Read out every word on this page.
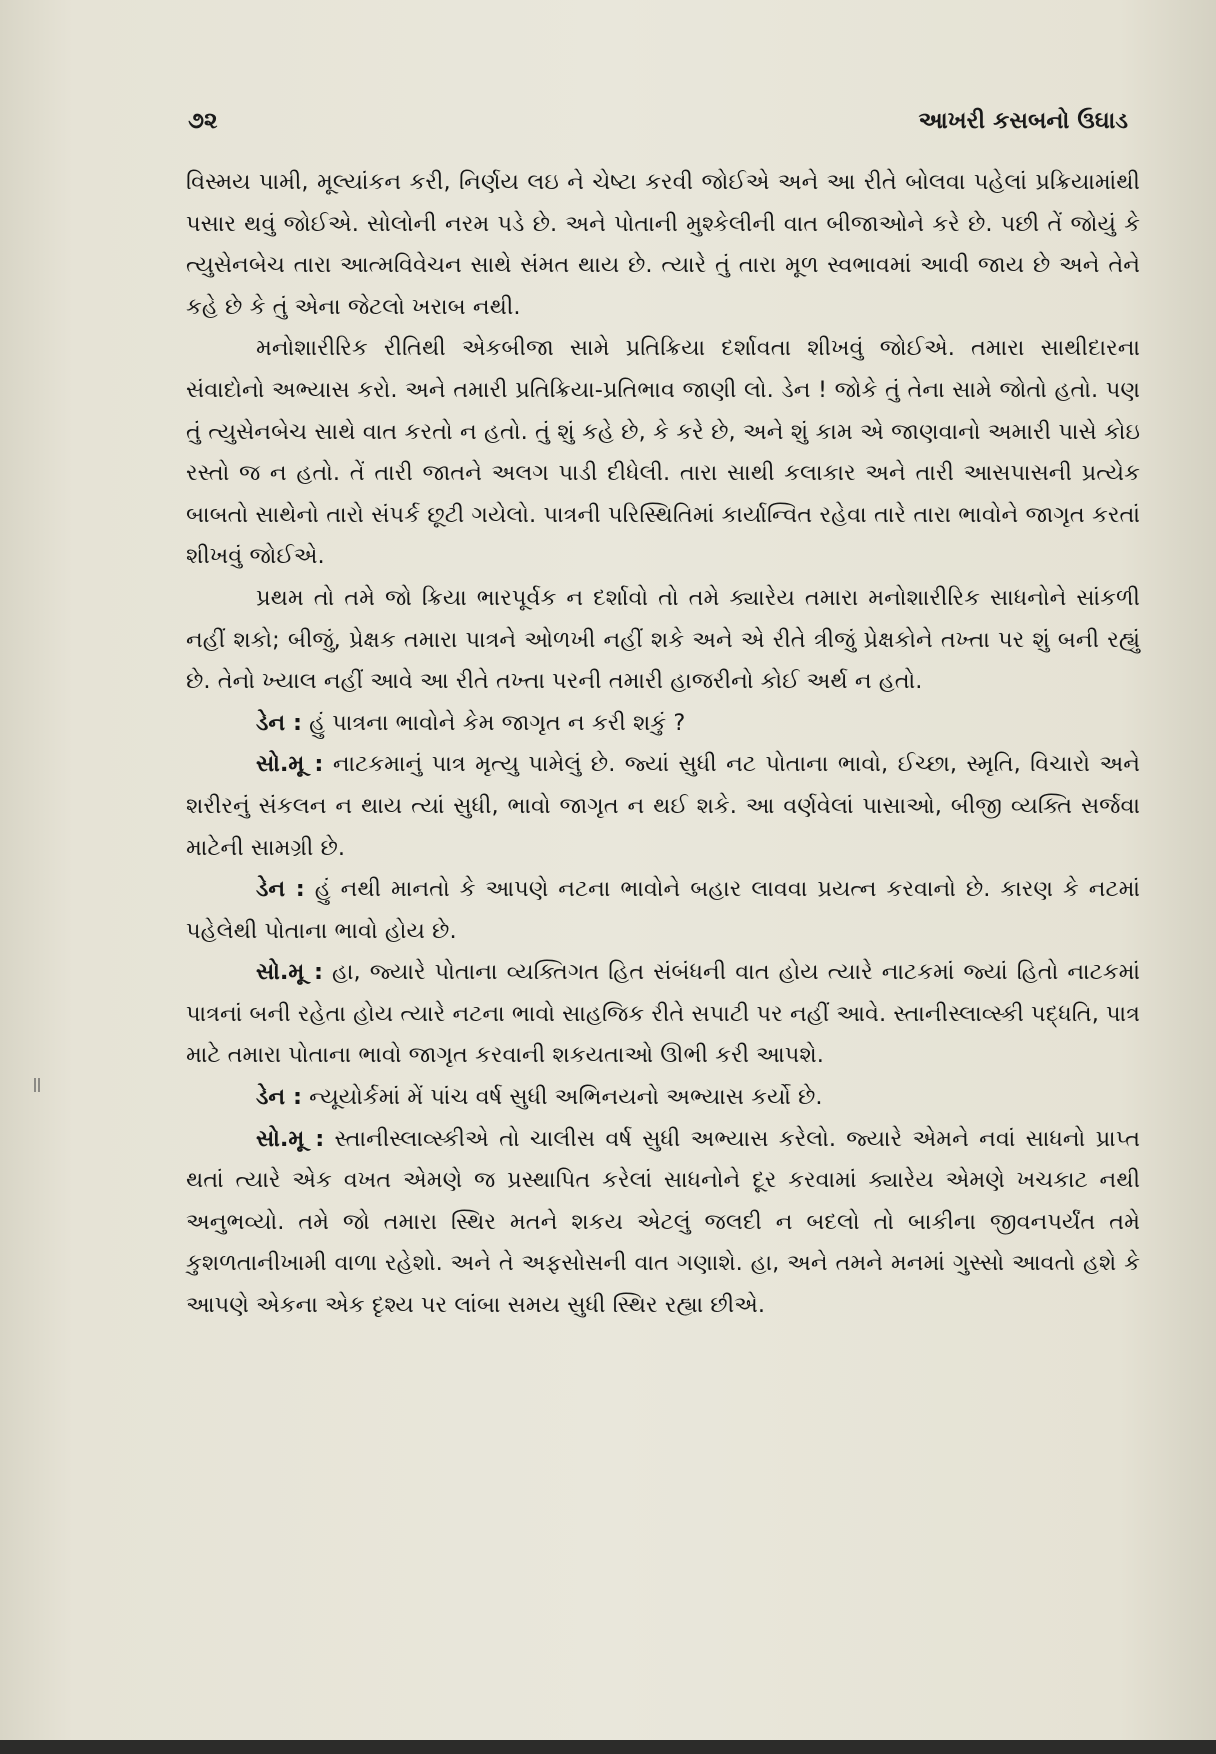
૭૨	આખરી કસબનો ઉઘાડ

વિસ્મય પામી, મૂલ્યાંકન કરી, નિર્ણય લઇ ને ચેષ્ટા કરવી જોઈએ અને આ રીતે બોલવા પહેલાં પ્રક્રિયામાંથી પસાર થવું જોઈએ. સોલોની નરમ પડે છે. અને પોતાની મુશ્કેલીની વાત બીજાઓને કરે છે. પછી તેં જોયું કે ત્યુસેનબેચ તારા આત્મવિવેચન સાથે સંમત થાય છે. ત્યારે તું તારા મૂળ સ્વભાવમાં આવી જાય છે અને તેને કહે છે કે તું એના જેટલો ખરાબ નથી.

મનોશારીરિક રીતિથી એકબીજા સામે પ્રતિક્રિયા દર્શાવતા શીખવું જોઈએ. તમારા સાથીદારના સંવાદોનો અભ્યાસ કરો. અને તમારી પ્રતિક્રિયા-પ્રતિભાવ જાણી લો. ડેન ! જોકે તું તેના સામે જોતો હતો. પણ તું ત્યુસેનબેચ સાથે વાત કરતો ન હતો. તું શું કહે છે, કે કરે છે, અને શું કામ એ જાણવાનો અમારી પાસે કોઇ રસ્તો જ ન હતો. તેં તારી જાતને અલગ પાડી દીધેલી. તારા સાથી કલાકાર અને તારી આસપાસની પ્રત્યેક બાબતો સાથેનો તારો સંપર્ક છૂટી ગયેલો. પાત્રની પરિસ્થિતિમાં કાર્યાન્વિત રહેવા તારે તારા ભાવોને જાગૃત કરતાં શીખવું જોઈએ.

પ્રથમ તો તમે જો ક્રિયા ભારપૂર્વક ન દર્શાવો તો તમે ક્યારેય તમારા મનોશારીરિક સાધનોને સાંકળી નહીં શકો; બીજું, પ્રેક્ષક તમારા પાત્રને ઓળખી નહીં શકે અને એ રીતે ત્રીજું પ્રેક્ષકોને તખ્તા પર શું બની રહ્યું છે. તેનો ખ્યાલ નહીં આવે આ રીતે તખ્તા પરની તમારી હાજરીનો કોઈ અર્થ ન હતો.

ડેન : હું પાત્રના ભાવોને કેમ જાગૃત ન કરી શકું ?

સો.મૂ : નાટકમાનું પાત્ર મૃત્યુ પામેલું છે. જ્યાં સુધી નટ પોતાના ભાવો, ઈચ્છા, સ્મૃતિ, વિચારો અને શરીરનું સંકલન ન થાય ત્યાં સુધી, ભાવો જાગૃત ન થઈ શકે. આ વર્ણવેલાં પાસાઓ, બીજી વ્યક્તિ સર્જવા માટેની સામગ્રી છે.

ડેન : હું નથી માનતો કે આપણે નટના ભાવોને બહાર લાવવા પ્રયત્ન કરવાનો છે. કારણ કે નટમાં પહેલેથી પોતાના ભાવો હોય છે.

સો.મૂ : હા, જ્યારે પોતાના વ્યક્તિગત હિત સંબંધની વાત હોય ત્યારે નાટકમાં જ્યાં હિતો નાટકમાં પાત્રનાં બની રહેતા હોય ત્યારે નટના ભાવો સાહજિક રીતે સપાટી પર નહીં આવે. સ્તાનીસ્લાવ્સ્કી પદ્ધતિ, પાત્ર માટે તમારા પોતાના ભાવો જાગૃત કરવાની શકયતાઓ ઊભી કરી આપશે.

ડેન : ન્યૂયોર્કમાં મેં પાંચ વર્ષ સુધી અભિનયનો અભ્યાસ કર્યો છે.

સો.મૂ : સ્તાનીસ્લાવ્સ્કીએ તો ચાલીસ વર્ષ સુધી અભ્યાસ કરેલો. જ્યારે એમને નવાં સાધનો પ્રાપ્ત થતાં ત્યારે એક વખત એમણે જ પ્રસ્થાપિત કરેલાં સાધનોને દૂર કરવામાં ક્યારેય એમણે ખચકાટ નથી અનુભવ્યો. તમે જો તમારા સ્થિર મતને શકય એટલું જલદી ન બદલો તો બાકીના જીવનપર્યંત તમે કુશળતાનીખામી વાળા રહેશો. અને તે અફસોસની વાત ગણાશે. હા, અને તમને મનમાં ગુસ્સો આવતો હશે કે આપણે એકના એક દૃશ્ય પર લાંબા સમય સુધી સ્થિર રહ્યા છીએ.
